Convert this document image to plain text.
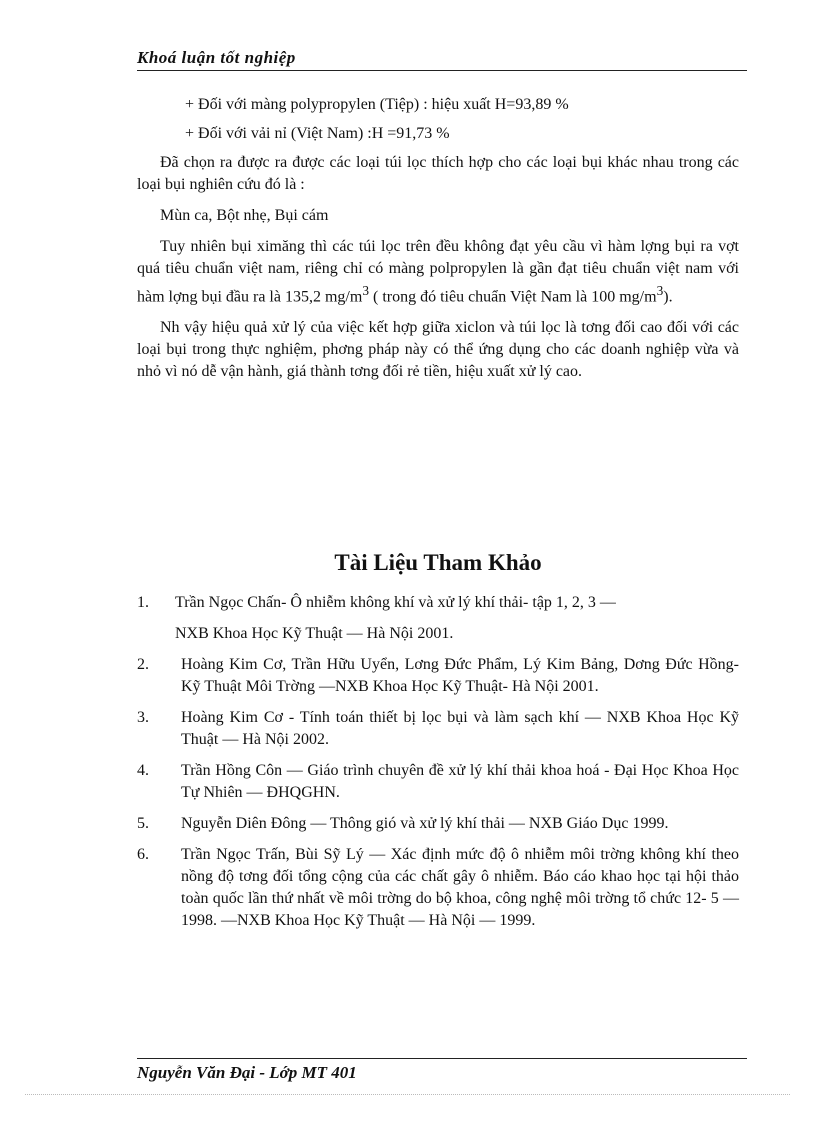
Khoá luận tốt nghiệp

+ Đối với màng polypropylen (Tiệp) : hiệu xuất H=93,89 %

+ Đối với vải nỉ (Việt Nam) :H =91,73 %

Đã chọn ra được ra được các loại túi lọc thích hợp cho các loại bụi khác nhau trong các loại bụi nghiên cứu đó là :

Mùn ca, Bột nhẹ, Bụi cám

Tuy nhiên bụi ximăng thì các túi lọc trên đều không đạt yêu cầu vì hàm lợng bụi ra vợt quá tiêu chuẩn việt nam, riêng chỉ có màng polpropylen là gần đạt tiêu chuẩn việt nam với hàm lợng bụi đầu ra là 135,2 $mg/m^3$ ( trong đó tiêu chuẩn Việt Nam là 100 $mg/m^3$).

Nh vậy hiệu quả xử lý của việc kết hợp giữa xiclon và túi lọc là tơng đối cao đối với các loại bụi trong thực nghiệm, phơng pháp này có thể ứng dụng cho các doanh nghiệp vừa và nhỏ vì nó dễ vận hành, giá thành tơng đối rẻ tiền, hiệu xuất xử lý cao.

Tài Liệu Tham Khảo
1.	Trần Ngọc Chấn- Ô nhiễm không khí và xử lý khí thải- tập 1, 2, 3 —
NXB Khoa Học Kỹ Thuật — Hà Nội 2001.
2.	Hoàng Kim Cơ, Trần Hữu Uyển, Lơng Đức Phẩm, Lý Kim Bảng, Dơng Đức Hồng- Kỹ Thuật Môi Trờng —NXB Khoa Học Kỹ Thuật- Hà Nội 2001.
3.	Hoàng Kim Cơ - Tính toán thiết bị lọc bụi và làm sạch khí — NXB Khoa Học Kỹ Thuật — Hà Nội 2002.
4.	Trần Hồng Côn — Giáo trình chuyên đề xử lý khí thải khoa hoá - Đại Học Khoa Học Tự Nhiên — ĐHQGHN.
5.	Nguyễn Diên Đông — Thông gió và xử lý khí thải — NXB Giáo Dục 1999.
6.	Trần Ngọc Trấn, Bùi Sỹ Lý — Xác định mức độ ô nhiễm môi trờng không khí theo nồng độ tơng đối tổng cộng của các chất gây ô nhiễm. Báo cáo khao học tại hội thảo toàn quốc lần thứ nhất về môi trờng do bộ khoa, công nghệ môi trờng tổ chức 12- 5 —1998. —NXB Khoa Học Kỹ Thuật — Hà Nội — 1999.
Nguyễn Văn Đại - Lớp MT 401
